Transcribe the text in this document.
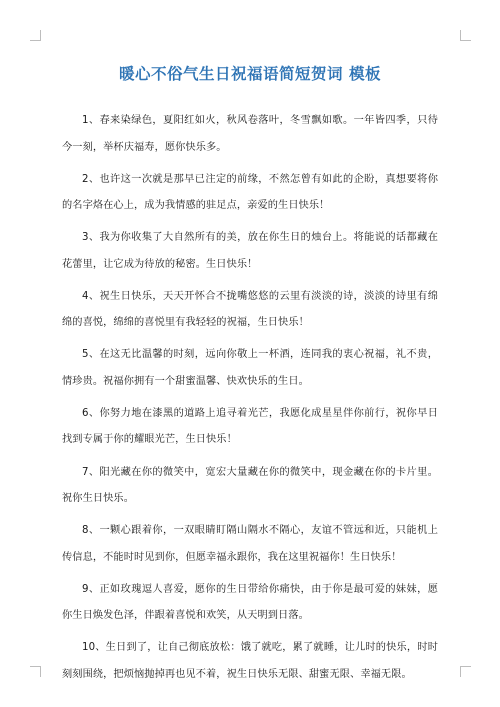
暖心不俗气生日祝福语简短贺词 模板

1、春来染绿色，夏阳红如火，秋风卷落叶，冬雪飘如歌。一年皆四季，只待今一刻，举杯庆福寿，愿你快乐多。

2、也许这一次就是那早已注定的前缘，不然怎曾有如此的企盼，真想要将你的名字烙在心上，成为我情感的驻足点，亲爱的生日快乐！

3、我为你收集了大自然所有的美，放在你生日的烛台上。将能说的话都藏在花蕾里，让它成为待放的秘密。生日快乐！

4、祝生日快乐，天天开怀合不拢嘴悠悠的云里有淡淡的诗，淡淡的诗里有绵绵的喜悦，绵绵的喜悦里有我轻轻的祝福，生日快乐！

5、在这无比温馨的时刻，远向你敬上一杯酒，连同我的衷心祝福，礼不贵，情珍贵。祝福你拥有一个甜蜜温馨、快欢快乐的生日。

6、你努力地在漆黑的道路上追寻着光芒，我愿化成星星伴你前行，祝你早日找到专属于你的耀眼光芒，生日快乐！

7、阳光藏在你的微笑中，宽宏大量藏在你的微笑中，现金藏在你的卡片里。祝你生日快乐。

8、一颗心跟着你，一双眼睛盯隔山隔水不隔心，友谊不管远和近，只能机上传信息，不能时时见到你，但愿幸福永跟你，我在这里祝福你！生日快乐！

9、正如玫瑰逗人喜爱，愿你的生日带给你痛快，由于你是最可爱的妹妹，愿你生日焕发色泽，伴跟着喜悦和欢笑，从天明到日落。

10、生日到了，让自己彻底放松：饿了就吃，累了就睡，让儿时的快乐，时时刻刻围绕，把烦恼抛掉再也见不着，祝生日快乐无限、甜蜜无限、幸福无限。
